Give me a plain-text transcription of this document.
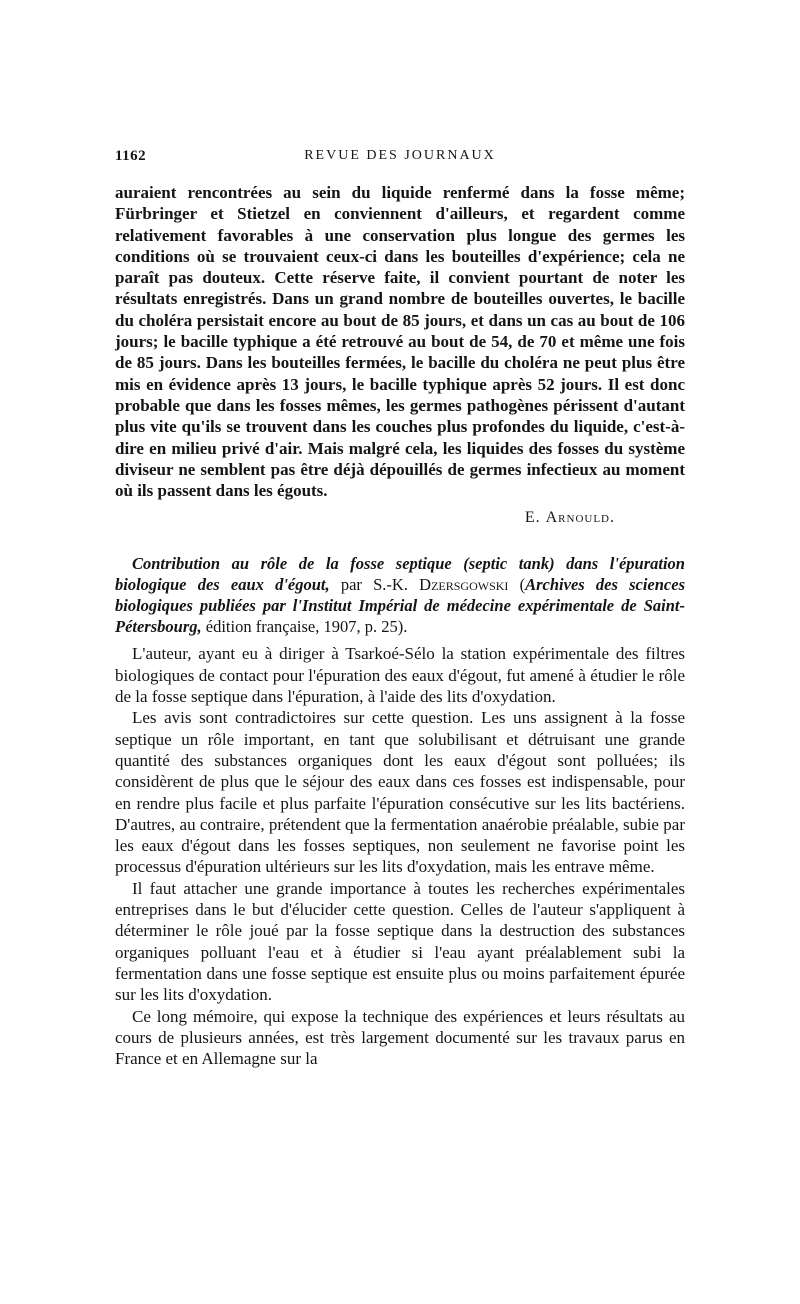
1162	REVUE DES JOURNAUX

auraient rencontrées au sein du liquide renfermé dans la fosse même; Fürbringer et Stietzel en conviennent d'ailleurs, et regardent comme relativement favorables à une conservation plus longue des germes les conditions où se trouvaient ceux-ci dans les bouteilles d'expérience; cela ne paraît pas douteux. Cette réserve faite, il convient pourtant de noter les résultats enregistrés. Dans un grand nombre de bouteilles ouvertes, le bacille du choléra persistait encore au bout de 85 jours, et dans un cas au bout de 106 jours; le bacille typhique a été retrouvé au bout de 54, de 70 et même une fois de 85 jours. Dans les bouteilles fermées, le bacille du choléra ne peut plus être mis en évidence après 13 jours, le bacille typhique après 52 jours. Il est donc probable que dans les fosses mêmes, les germes pathogènes périssent d'autant plus vite qu'ils se trouvent dans les couches plus profondes du liquide, c'est-à-dire en milieu privé d'air. Mais malgré cela, les liquides des fosses du système diviseur ne semblent pas être déjà dépouillés de germes infectieux au moment où ils passent dans les égouts.

E. Arnould.

Contribution au rôle de la fosse septique (septic tank) dans l'épuration biologique des eaux d'égout, par S.-K. Dzersgowski (Archives des sciences biologiques publiées par l'Institut Impérial de médecine expérimentale de Saint-Pétersbourg, édition française, 1907, p. 25).

L'auteur, ayant eu à diriger à Tsarkoé-Sélo la station expérimentale des filtres biologiques de contact pour l'épuration des eaux d'égout, fut amené à étudier le rôle de la fosse septique dans l'épuration, à l'aide des lits d'oxydation.

Les avis sont contradictoires sur cette question. Les uns assignent à la fosse septique un rôle important, en tant que solubilisant et détruisant une grande quantité des substances organiques dont les eaux d'égout sont polluées; ils considèrent de plus que le séjour des eaux dans ces fosses est indispensable, pour en rendre plus facile et plus parfaite l'épuration consécutive sur les lits bactériens. D'autres, au contraire, prétendent que la fermentation anaérobie préalable, subie par les eaux d'égout dans les fosses septiques, non seulement ne favorise point les processus d'épuration ultérieurs sur les lits d'oxydation, mais les entrave même.

Il faut attacher une grande importance à toutes les recherches expérimentales entreprises dans le but d'élucider cette question. Celles de l'auteur s'appliquent à déterminer le rôle joué par la fosse septique dans la destruction des substances organiques polluant l'eau et à étudier si l'eau ayant préalablement subi la fermentation dans une fosse septique est ensuite plus ou moins parfaitement épurée sur les lits d'oxydation.

Ce long mémoire, qui expose la technique des expériences et leurs résultats au cours de plusieurs années, est très largement documenté sur les travaux parus en France et en Allemagne sur la
